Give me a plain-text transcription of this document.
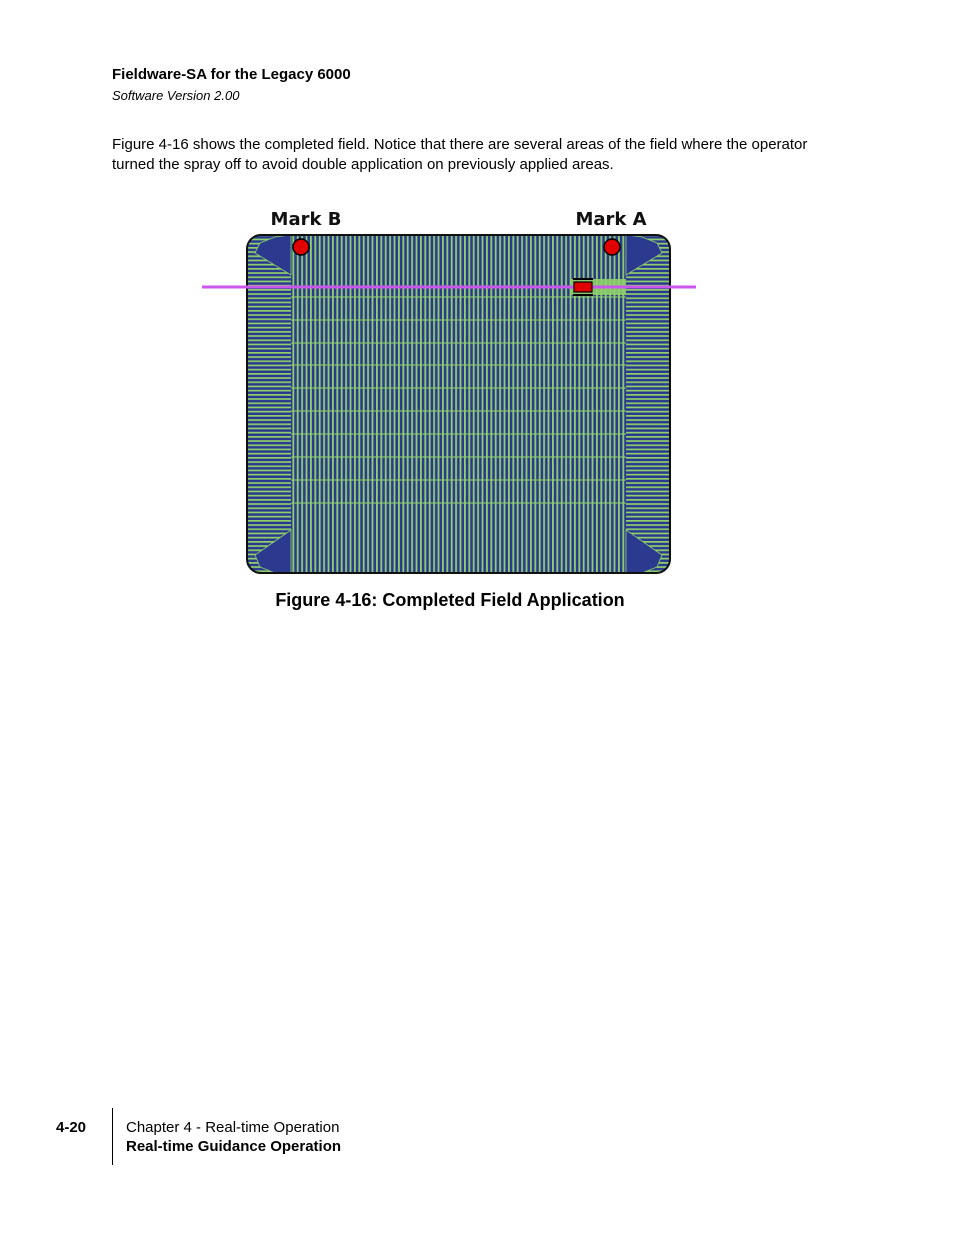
Fieldware-SA for the Legacy 6000
Software Version 2.00
Figure 4-16 shows the completed field. Notice that there are several areas of the field where the operator turned the spray off to avoid double application on previously applied areas.
Mark B	Mark A
Figure 4-16: Completed Field Application
4-20	Chapter 4 - Real-time Operation
Real-time Guidance Operation
